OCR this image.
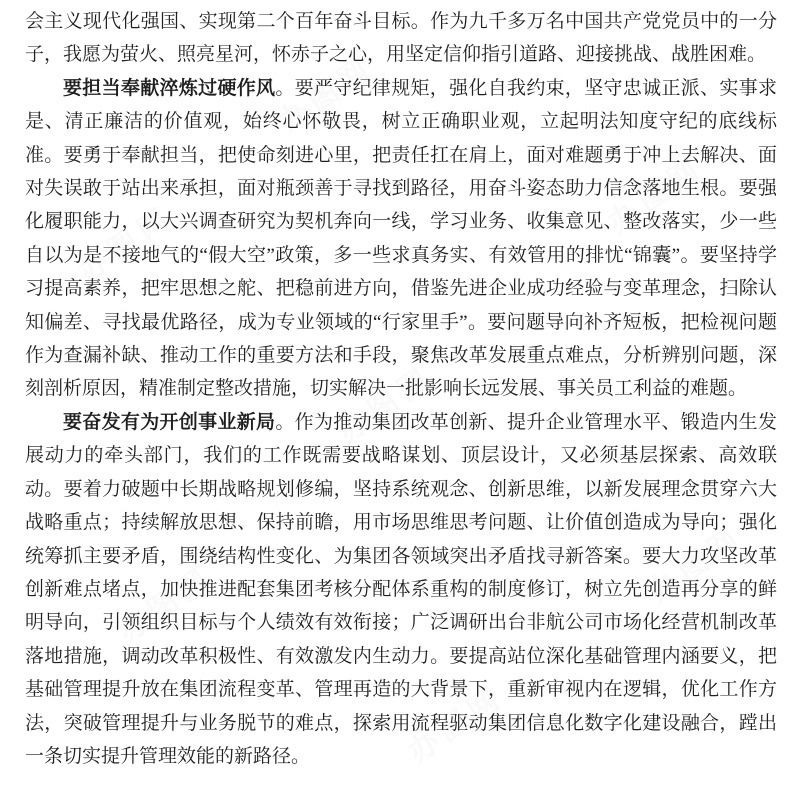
办图网
办图网
办图网
办图网
办图网
办图网
办图网

会主义现代化强国、实现第二个百年奋斗目标。作为九千多万名中国共产党党员中的一分子，我愿为萤火、照亮星河，怀赤子之心，用坚定信仰指引道路、迎接挑战、战胜困难。

要担当奉献淬炼过硬作风。要严守纪律规矩，强化自我约束，坚守忠诚正派、实事求是、清正廉洁的价值观，始终心怀敬畏，树立正确职业观，立起明法知度守纪的底线标准。要勇于奉献担当，把使命刻进心里，把责任扛在肩上，面对难题勇于冲上去解决、面对失误敢于站出来承担，面对瓶颈善于寻找到路径，用奋斗姿态助力信念落地生根。要强化履职能力，以大兴调查研究为契机奔向一线，学习业务、收集意见、整改落实，少一些自以为是不接地气的“假大空”政策，多一些求真务实、有效管用的排忧“锦囊”。要坚持学习提高素养，把牢思想之舵、把稳前进方向，借鉴先进企业成功经验与变革理念，扫除认知偏差、寻找最优路径，成为专业领域的“行家里手”。要问题导向补齐短板，把检视问题作为查漏补缺、推动工作的重要方法和手段，聚焦改革发展重点难点，分析辨别问题，深刻剖析原因，精准制定整改措施，切实解决一批影响长远发展、事关员工利益的难题。

要奋发有为开创事业新局。作为推动集团改革创新、提升企业管理水平、锻造内生发展动力的牵头部门，我们的工作既需要战略谋划、顶层设计，又必须基层探索、高效联动。要着力破题中长期战略规划修编，坚持系统观念、创新思维，以新发展理念贯穿六大战略重点；持续解放思想、保持前瞻，用市场思维思考问题、让价值创造成为导向；强化统筹抓主要矛盾，围绕结构性变化、为集团各领域突出矛盾找寻新答案。要大力攻坚改革创新难点堵点，加快推进配套集团考核分配体系重构的制度修订，树立先创造再分享的鲜明导向，引领组织目标与个人绩效有效衔接；广泛调研出台非航公司市场化经营机制改革落地措施，调动改革积极性、有效激发内生动力。要提高站位深化基础管理内涵要义，把基础管理提升放在集团流程变革、管理再造的大背景下，重新审视内在逻辑，优化工作方法，突破管理提升与业务脱节的难点，探索用流程驱动集团信息化数字化建设融合，蹚出一条切实提升管理效能的新路径。
